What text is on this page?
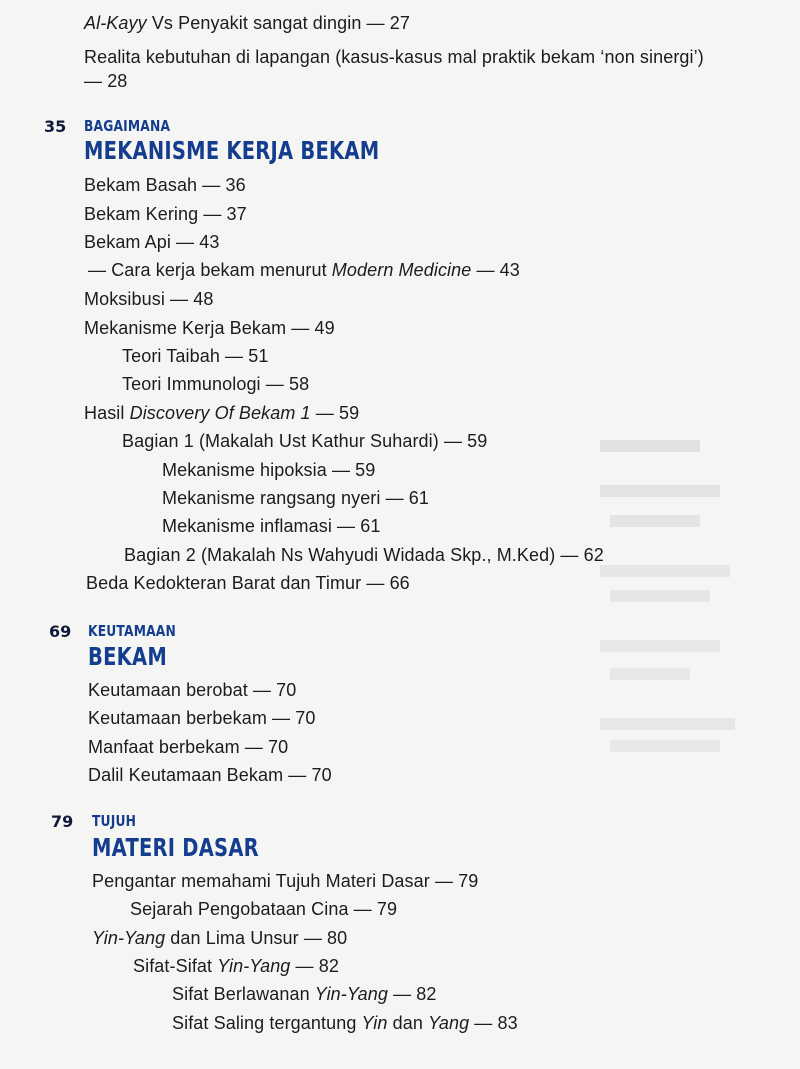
Al-Kayy Vs Penyakit sangat dingin — 27
Realita kebutuhan di lapangan (kasus-kasus mal praktik bekam ‘non sinergi’)
— 28
35 BAGAIMANA
MEKANISME KERJA BEKAM
Bekam Basah — 36
Bekam Kering — 37
Bekam Api — 43
— Cara kerja bekam menurut Modern Medicine — 43
Moksibusi — 48
Mekanisme Kerja Bekam — 49
Teori Taibah — 51
Teori Immunologi — 58
Hasil Discovery Of Bekam 1 — 59
Bagian 1 (Makalah Ust Kathur Suhardi) — 59
Mekanisme hipoksia — 59
Mekanisme rangsang nyeri — 61
Mekanisme inflamasi — 61
Bagian 2 (Makalah Ns Wahyudi Widada Skp., M.Ked) — 62
Beda Kedokteran Barat dan Timur — 66
69 KEUTAMAAN
BEKAM
Keutamaan berobat — 70
Keutamaan berbekam — 70
Manfaat berbekam — 70
Dalil Keutamaan Bekam — 70
79 TUJUH
MATERI DASAR
Pengantar memahami Tujuh Materi Dasar — 79
Sejarah Pengobataan Cina — 79
Yin-Yang dan Lima Unsur — 80
Sifat-Sifat Yin-Yang — 82
Sifat Berlawanan Yin-Yang — 82
Sifat Saling tergantung Yin dan Yang — 83
